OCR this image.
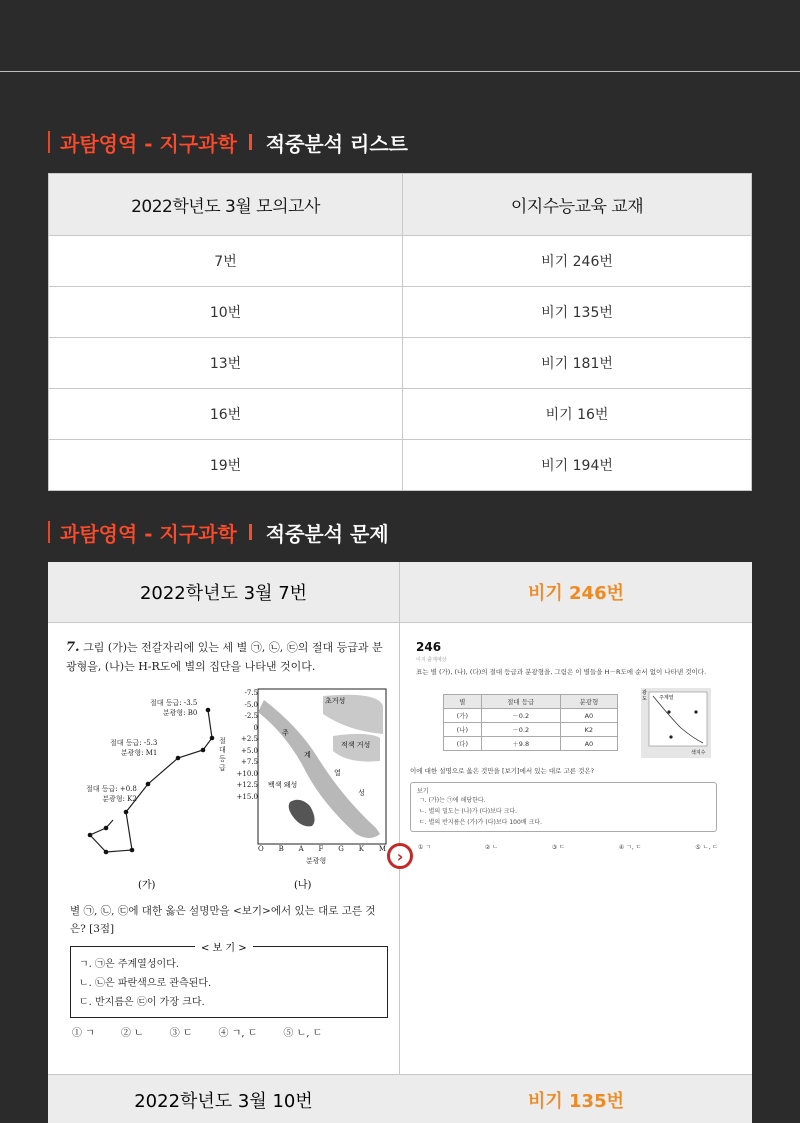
과탐영역 - 지구과학 적중분석 리스트
2022학년도 3월 모의고사	이지수능교육 교재
7번	비기 246번
10번	비기 135번
13번	비기 181번
16번	비기 16번
19번	비기 194번
과탐영역 - 지구과학 적중분석 문제
2022학년도 3월 7번	비기 246번
7. 그림 (가)는 전갈자리에 있는 세 별 ㉠, ㉡, ㉢의 절대 등급과 분광형을, (나)는 H-R도에 별의 집단을 나타낸 것이다.
절대 등급: -3.5
분광형: B0
절대 등급: -5.3
분광형: M1
절대 등급: +0.8
분광형: K2
-7.5
-5.0
-2.5
0
+2.5
+5.0
+7.5
+10.0
+12.5
+15.0
절대등급
O B A F G K M
분광형
초거성
적색 거성
주
계
열
성
백색 왜성
(가)	(나)
별 ㉠, ㉡, ㉢에 대한 옳은 설명만을 <보기>에서 있는 대로 고른 것은? [3점]
< 보 기 >
ㄱ. ㉠은 주계열성이다.
ㄴ. ㉡은 파란색으로 관측된다.
ㄷ. 반지름은 ㉢이 가장 크다.
① ㄱ	② ㄴ	③ ㄷ	④ ㄱ, ㄷ	⑤ ㄴ, ㄷ
›
246
이지 출제예상
표는 별 (가), (나), (다)의 절대 등급과 분광형을, 그림은 이 별들을 H－R도에 순서 없이 나타낸 것이다.
별	절대 등급	분광형
(가)	－0.2	A0
(나)	－0.2	K2
(다)	＋9.8	A0
광도 주계열
색지수
이에 대한 설명으로 옳은 것만을 [보기]에서 있는 대로 고른 것은?
보기
ㄱ. (가)는 ㉠에 해당한다.
ㄴ. 별의 밀도는 (나)가 (다)보다 크다.
ㄷ. 별의 반지름은 (가)가 (다)보다 100배 크다.
① ㄱ	② ㄴ	③ ㄷ	④ ㄱ, ㄷ	⑤ ㄴ, ㄷ
2022학년도 3월 10번	비기 135번
